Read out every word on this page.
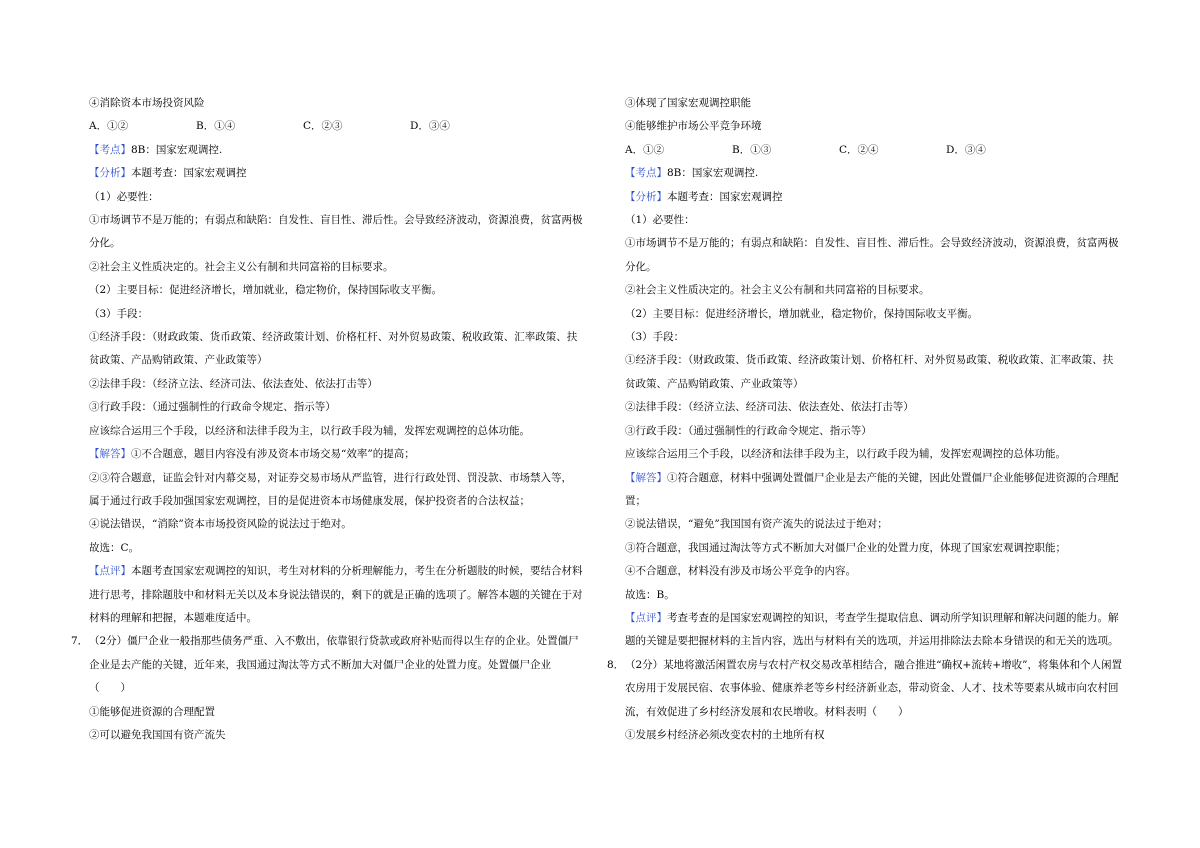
④消除资本市场投资风险
A．①②	B．①④	C．②③	D．③④
【考点】8B：国家宏观调控.
【分析】本题考查：国家宏观调控
（1）必要性：
①市场调节不是万能的；有弱点和缺陷：自发性、盲目性、滞后性。会导致经济波动，资源浪费，贫富两极
分化。
②社会主义性质决定的。社会主义公有制和共同富裕的目标要求。
（2）主要目标：促进经济增长，增加就业，稳定物价，保持国际收支平衡。
（3）手段：
①经济手段：（财政政策、货币政策、经济政策计划、价格杠杆、对外贸易政策、税收政策、汇率政策、扶
贫政策、产品购销政策、产业政策等）
②法律手段：（经济立法、经济司法、依法查处、依法打击等）
③行政手段：（通过强制性的行政命令规定、指示等）
应该综合运用三个手段，以经济和法律手段为主，以行政手段为辅，发挥宏观调控的总体功能。
【解答】①不合题意，题目内容没有涉及资本市场交易“效率”的提高；
②③符合题意，证监会针对内幕交易，对证券交易市场从严监管，进行行政处罚、罚没款、市场禁入等，
属于通过行政手段加强国家宏观调控，目的是促进资本市场健康发展，保护投资者的合法权益；
④说法错误，“消除”资本市场投资风险的说法过于绝对。
故选：C。
【点评】本题考查国家宏观调控的知识，考生对材料的分析理解能力，考生在分析题肢的时候，要结合材料
进行思考，排除题肢中和材料无关以及本身说法错误的，剩下的就是正确的选项了。解答本题的关键在于对
材料的理解和把握，本题难度适中。
7． （2分）僵尸企业一般指那些债务严重、入不敷出，依靠银行贷款或政府补贴而得以生存的企业。处置僵尸
企业是去产能的关键，近年来，我国通过淘汰等方式不断加大对僵尸企业的处置力度。处置僵尸企业
（　　）
①能够促进资源的合理配置
②可以避免我国国有资产流失
③体现了国家宏观调控职能
④能够维护市场公平竞争环境
A．①②	B．①③	C．②④	D．③④
【考点】8B：国家宏观调控.
【分析】本题考查：国家宏观调控
（1）必要性：
①市场调节不是万能的；有弱点和缺陷：自发性、盲目性、滞后性。会导致经济波动，资源浪费，贫富两极
分化。
②社会主义性质决定的。社会主义公有制和共同富裕的目标要求。
（2）主要目标：促进经济增长，增加就业，稳定物价，保持国际收支平衡。
（3）手段：
①经济手段：（财政政策、货币政策、经济政策计划、价格杠杆、对外贸易政策、税收政策、汇率政策、扶
贫政策、产品购销政策、产业政策等）
②法律手段：（经济立法、经济司法、依法查处、依法打击等）
③行政手段：（通过强制性的行政命令规定、指示等）
应该综合运用三个手段，以经济和法律手段为主，以行政手段为辅，发挥宏观调控的总体功能。
【解答】①符合题意，材料中强调处置僵尸企业是去产能的关键，因此处置僵尸企业能够促进资源的合理配
置；
②说法错误，“避免”我国国有资产流失的说法过于绝对；
③符合题意，我国通过淘汰等方式不断加大对僵尸企业的处置力度，体现了国家宏观调控职能；
④不合题意，材料没有涉及市场公平竞争的内容。
故选：B。
【点评】考查考查的是国家宏观调控的知识，考查学生提取信息、调动所学知识理解和解决问题的能力。解
题的关键是要把握材料的主旨内容，选出与材料有关的选项，并运用排除法去除本身错误的和无关的选项。
8． （2分）某地将激活闲置农房与农村产权交易改革相结合，融合推进“确权+流转+增收”，将集体和个人闲置
农房用于发展民宿、农事体验、健康养老等乡村经济新业态，带动资金、人才、技术等要素从城市向农村回
流，有效促进了乡村经济发展和农民增收。材料表明（　　）
①发展乡村经济必须改变农村的土地所有权
